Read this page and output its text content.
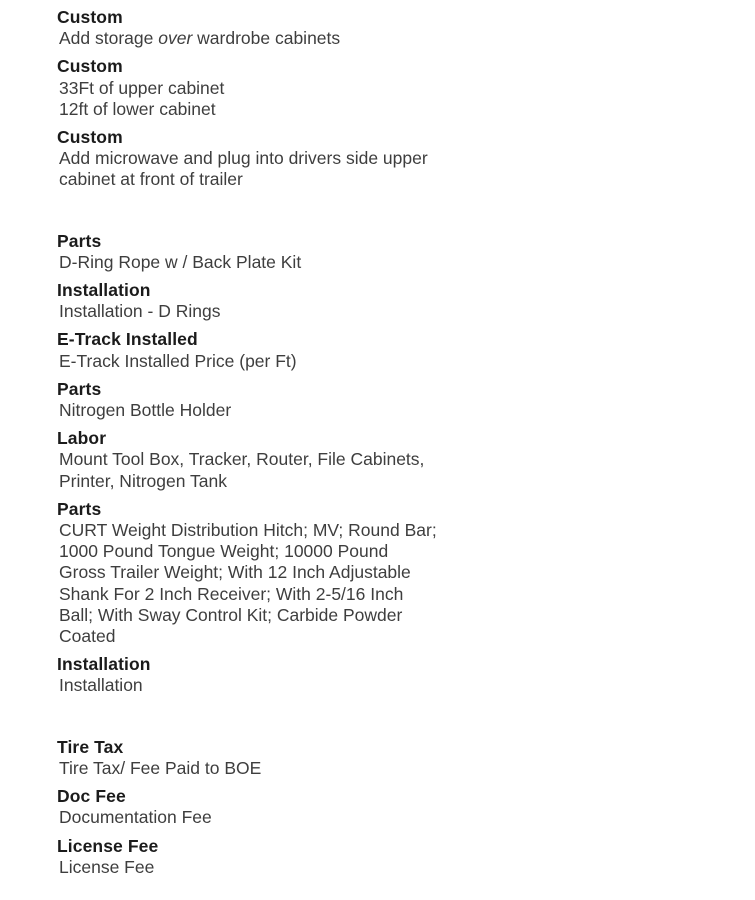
Custom
Add storage over wardrobe cabinets
Custom
33Ft of upper cabinet
12ft of lower cabinet
Custom
Add microwave and plug into drivers side upper
cabinet at front of trailer
Parts
D-Ring Rope w / Back Plate Kit
Installation
Installation - D Rings
E-Track Installed
E-Track Installed Price (per Ft)
Parts
Nitrogen Bottle Holder
Labor
Mount Tool Box, Tracker, Router, File Cabinets,
Printer, Nitrogen Tank
Parts
CURT Weight Distribution Hitch; MV; Round Bar;
1000 Pound Tongue Weight; 10000 Pound
Gross Trailer Weight; With 12 Inch Adjustable
Shank For 2 Inch Receiver; With 2-5/16 Inch
Ball; With Sway Control Kit; Carbide Powder
Coated
Installation
Installation
Tire Tax
Tire Tax/ Fee Paid to BOE
Doc Fee
Documentation Fee
License Fee
License Fee
